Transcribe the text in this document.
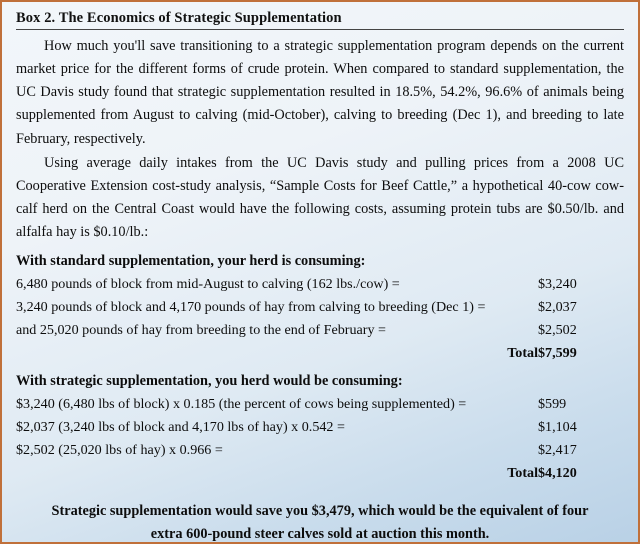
Box 2. The Economics of Strategic Supplementation

How much you'll save transitioning to a strategic supplementation program depends on the current market price for the different forms of crude protein. When compared to standard supplementation, the UC Davis study found that strategic supplementation resulted in 18.5%, 54.2%, 96.6% of animals being supplemented from August to calving (mid-October), calving to breeding (Dec 1), and breeding to late February, respectively.

Using average daily intakes from the UC Davis study and pulling prices from a 2008 UC Cooperative Extension cost-study analysis, “Sample Costs for Beef Cattle,” a hypothetical 40-cow cow-calf herd on the Central Coast would have the following costs, assuming protein tubs are $0.50/lb. and alfalfa hay is $0.10/lb.:

With standard supplementation, your herd is consuming:
6,480 pounds of block from mid-August to calving (162 lbs./cow) =	$3,240
3,240 pounds of block and 4,170 pounds of hay from calving to breeding (Dec 1) =	$2,037
and 25,020 pounds of hay from breeding to the end of February =	$2,502
Total	$7,599
With strategic supplementation, you herd would be consuming:
$3,240 (6,480 lbs of block) x 0.185 (the percent of cows being supplemented) =	$599
$2,037 (3,240 lbs of block and 4,170 lbs of hay) x 0.542 =	$1,104
$2,502 (25,020 lbs of hay) x 0.966 =	$2,417
Total	$4,120
Strategic supplementation would save you $3,479, which would be the equivalent of four extra 600-pound steer calves sold at auction this month.
